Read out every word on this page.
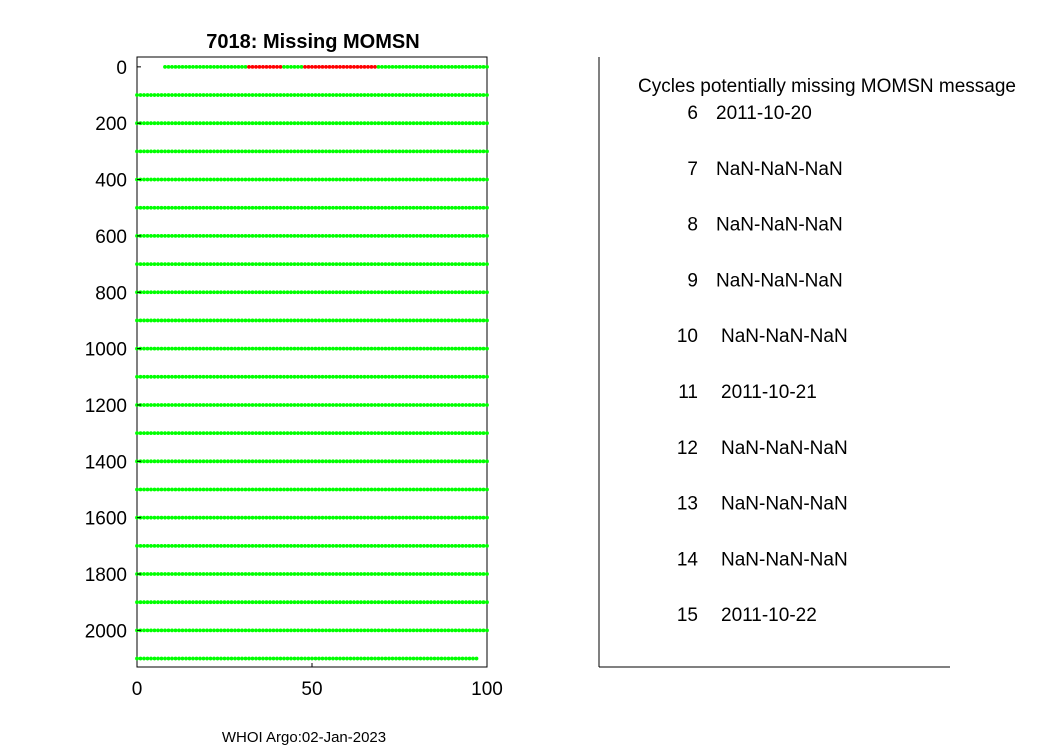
7018: Missing MOMSN
0
200
400
600
800
1000
1200
1400
1600
1800
2000
0	50	100
Cycles potentially missing MOMSN message
6 2011-10-20
7 NaN-NaN-NaN
8 NaN-NaN-NaN
9 NaN-NaN-NaN
10 NaN-NaN-NaN
11 2011-10-21
12 NaN-NaN-NaN
13 NaN-NaN-NaN
14 NaN-NaN-NaN
15 2011-10-22
WHOI Argo:02-Jan-2023
